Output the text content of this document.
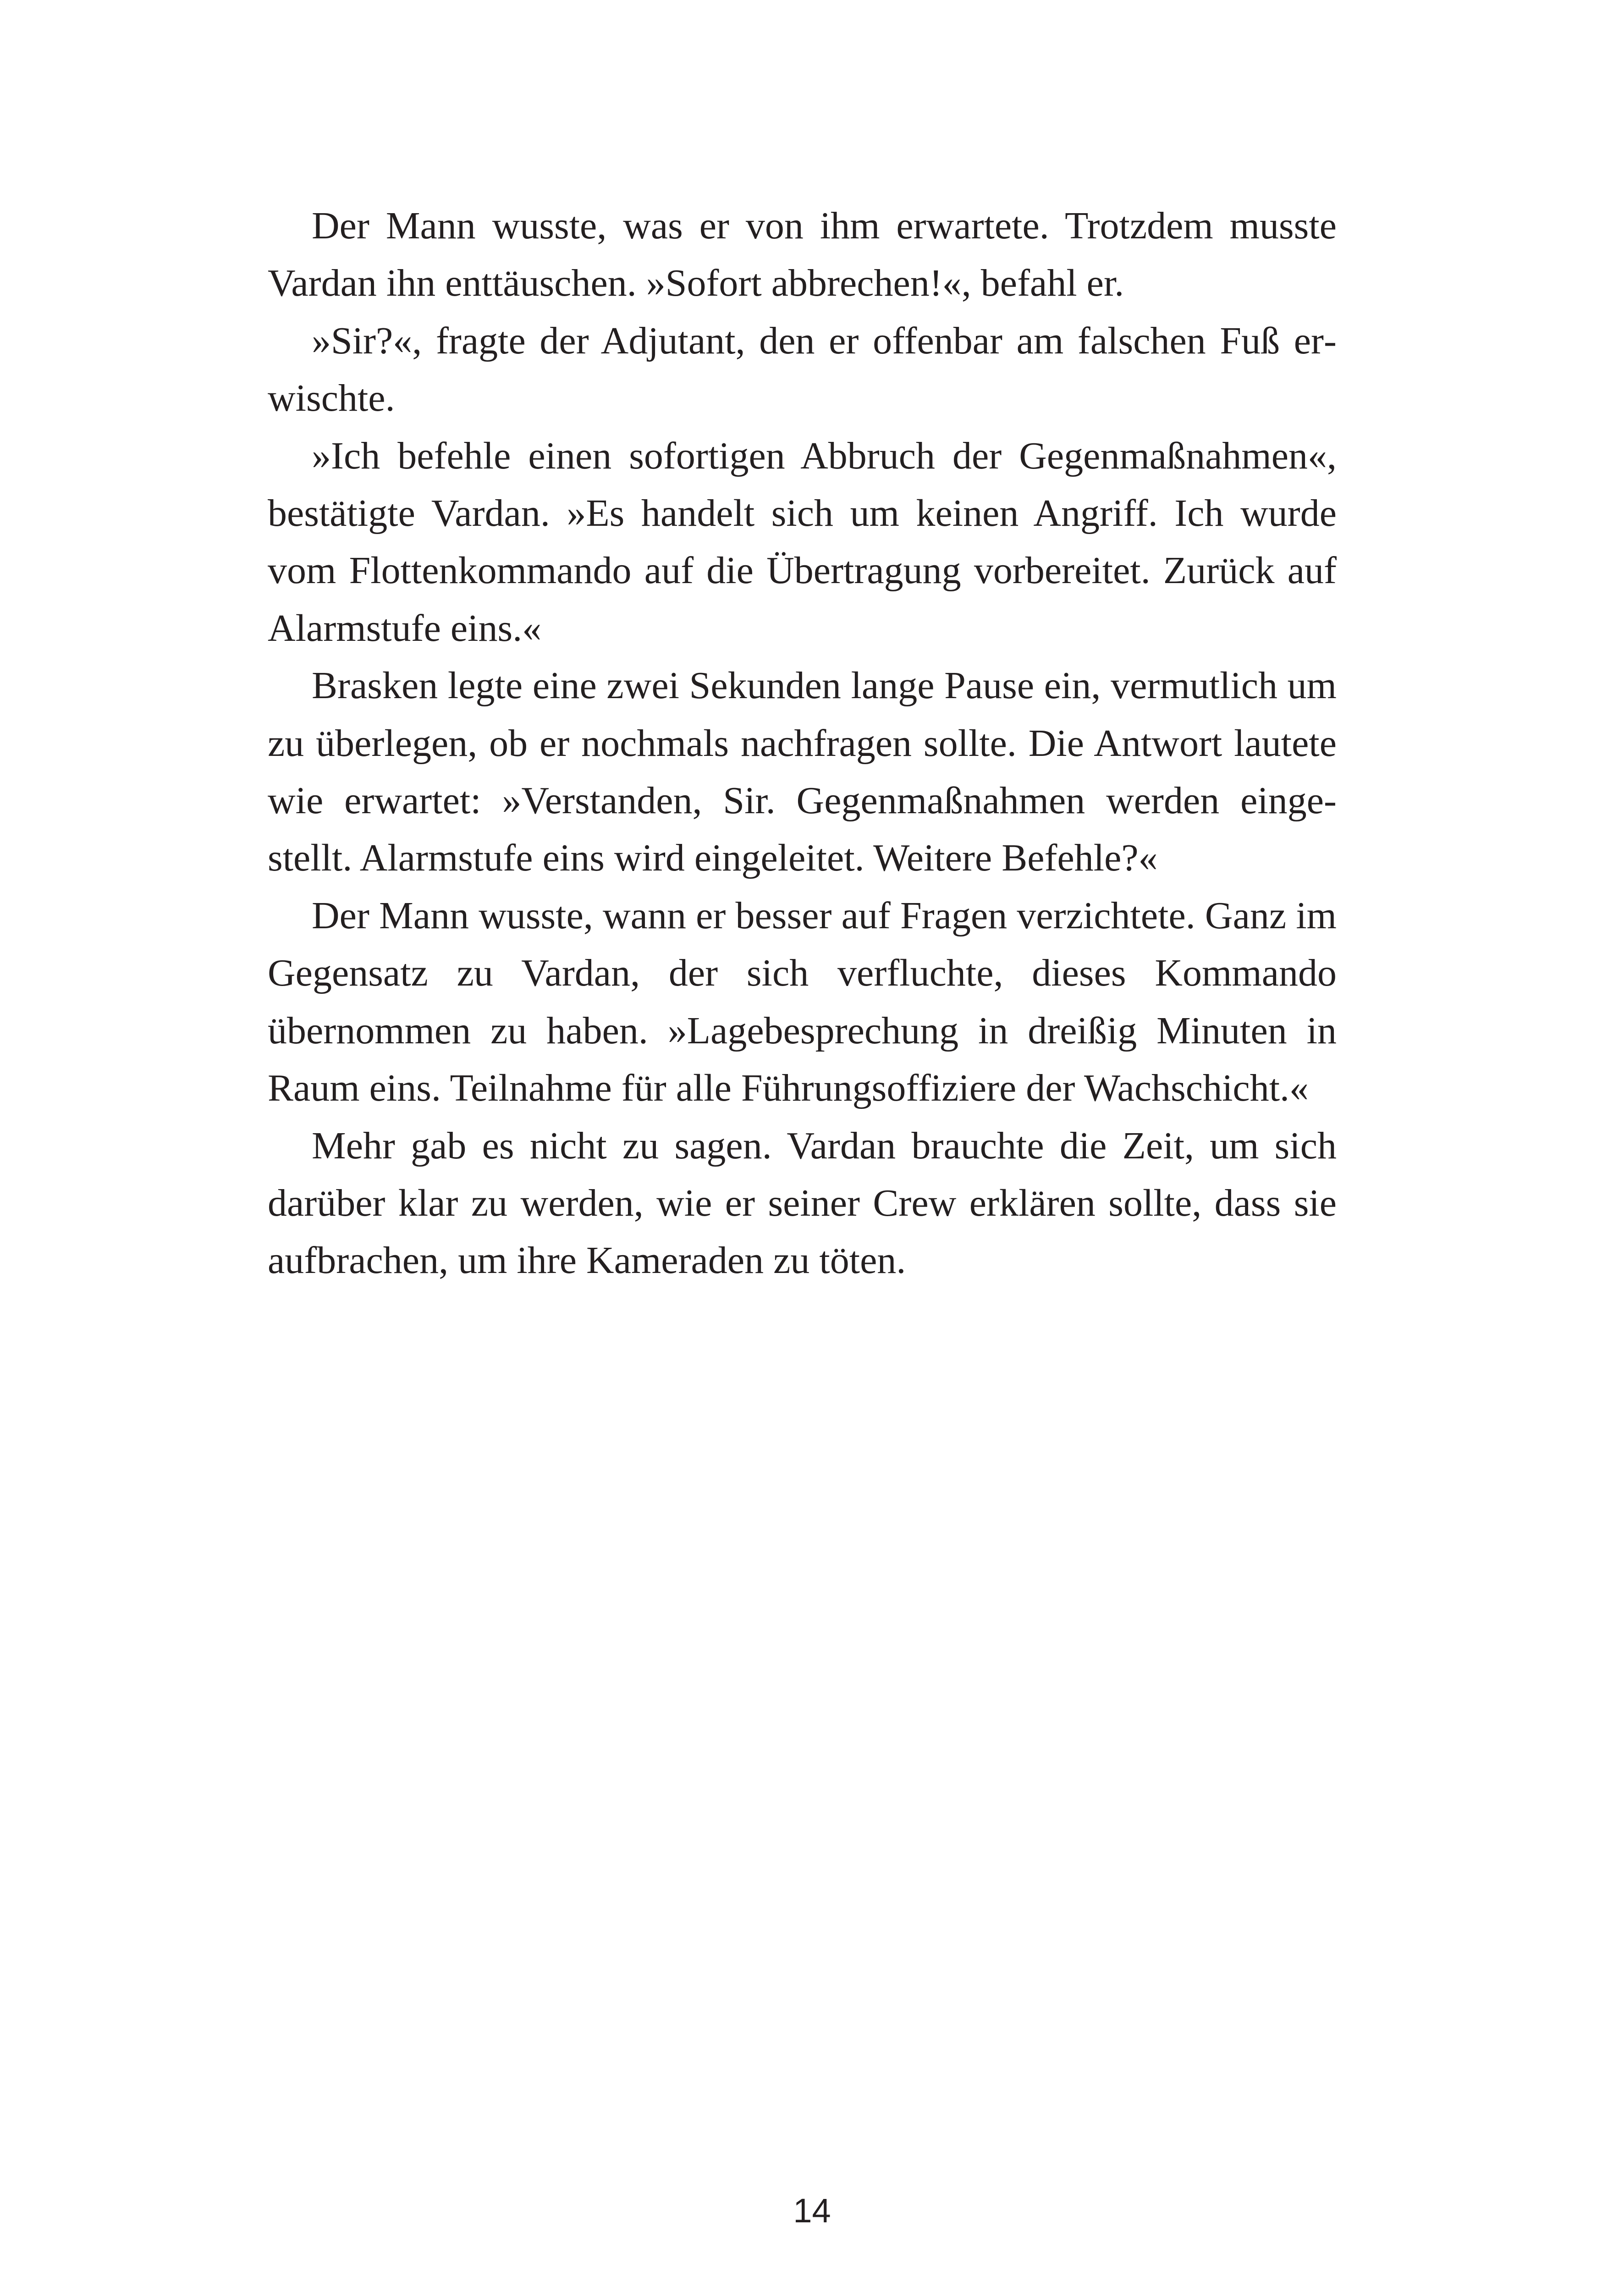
Der Mann wusste, was er von ihm erwartete. Trotzdem musste Vardan ihn enttäuschen. »Sofort abbrechen!«, befahl er.

»Sir?«, fragte der Adjutant, den er offenbar am falschen Fuß erwischte.

»Ich befehle einen sofortigen Abbruch der Gegenmaßnahmen«, bestätigte Vardan. »Es handelt sich um keinen Angriff. Ich wurde vom Flottenkommando auf die Übertragung vorbereitet. Zurück auf Alarmstufe eins.«

Brasken legte eine zwei Sekunden lange Pause ein, vermutlich um zu überlegen, ob er nochmals nachfragen sollte. Die Antwort lautete wie erwartet: »Verstanden, Sir. Gegenmaßnahmen werden eingestellt. Alarmstufe eins wird eingeleitet. Weitere Befehle?«

Der Mann wusste, wann er besser auf Fragen verzichtete. Ganz im Gegensatz zu Vardan, der sich verfluchte, dieses Kommando übernommen zu haben. »Lagebesprechung in dreißig Minuten in Raum eins. Teilnahme für alle Führungsoffiziere der Wachschicht.«

Mehr gab es nicht zu sagen. Vardan brauchte die Zeit, um sich darüber klar zu werden, wie er seiner Crew erklären sollte, dass sie aufbrachen, um ihre Kameraden zu töten.

14
